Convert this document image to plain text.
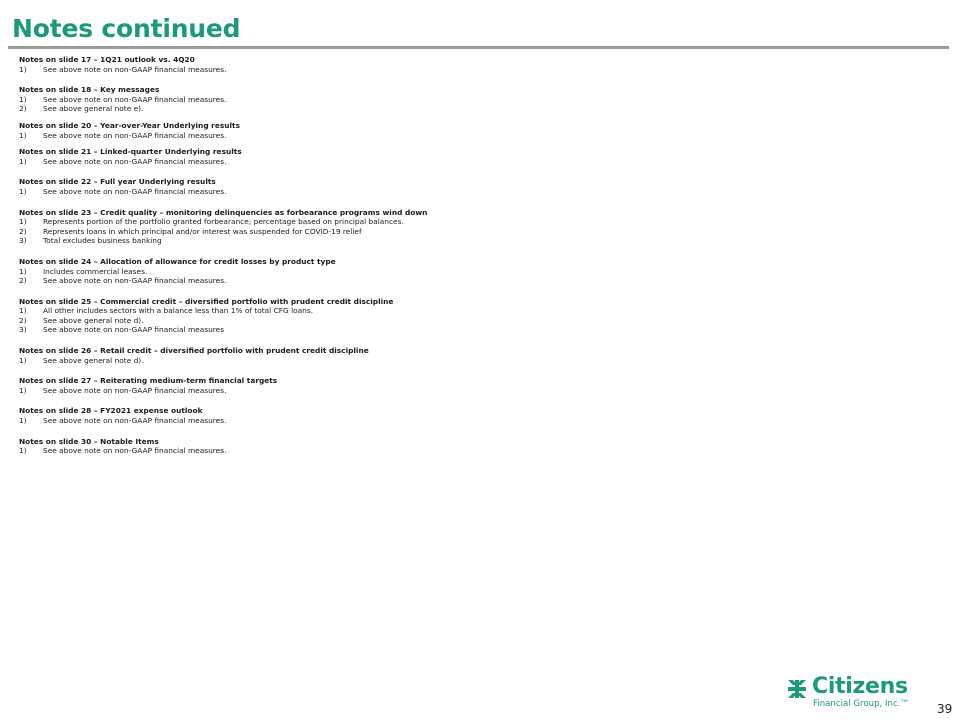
Notes continued
Notes on slide 17 – 1Q21 outlook vs. 4Q20
1)	See above note on non-GAAP financial measures.
Notes on slide 18 – Key messages
1)	See above note on non-GAAP financial measures.
2)	See above general note e).
Notes on slide 20 – Year-over-Year Underlying results
1)	See above note on non-GAAP financial measures.
Notes on slide 21 – Linked-quarter Underlying results
1)	See above note on non-GAAP financial measures.
Notes on slide 22 – Full year Underlying results
1)	See above note on non-GAAP financial measures.
Notes on slide 23 – Credit quality – monitoring delinquencies as forbearance programs wind down
1)	Represents portion of the portfolio granted forbearance; percentage based on principal balances.
2)	Represents loans in which principal and/or interest was suspended for COVID-19 relief
3)	Total excludes business banking
Notes on slide 24 – Allocation of allowance for credit losses by product type
1)	Includes commercial leases.
2)	See above note on non-GAAP financial measures.
Notes on slide 25 – Commercial credit – diversified portfolio with prudent credit discipline
1)	All other includes sectors with a balance less than 1% of total CFG loans.
2)	See above general note d).
3)	See above note on non-GAAP financial measures
Notes on slide 26 – Retail credit – diversified portfolio with prudent credit discipline
1)	See above general note d).
Notes on slide 27 – Reiterating medium-term financial targets
1)	See above note on non-GAAP financial measures.
Notes on slide 28 – FY2021 expense outlook
1)	See above note on non-GAAP financial measures.
Notes on slide 30 – Notable Items
1)	See above note on non-GAAP financial measures.
Citizens
Financial Group, Inc.™ 39
